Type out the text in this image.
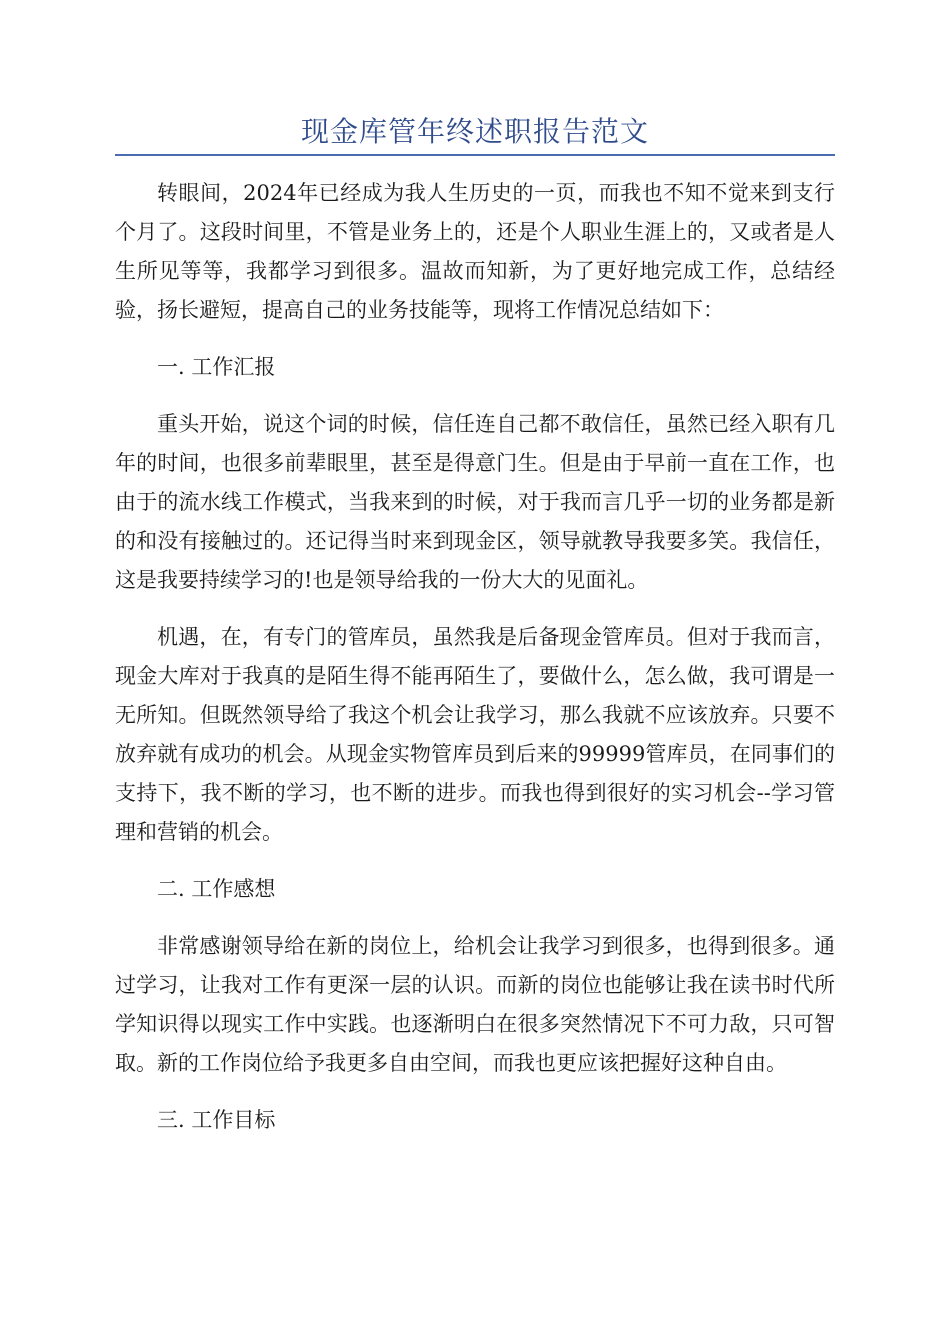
现金库管年终述职报告范文

转眼间，2024年已经成为我人生历史的一页，而我也不知不觉来到支行个月了。这段时间里，不管是业务上的，还是个人职业生涯上的，又或者是人生所见等等，我都学习到很多。温故而知新，为了更好地完成工作，总结经验，扬长避短，提高自己的业务技能等，现将工作情况总结如下：

一. 工作汇报

重头开始，说这个词的时候，信任连自己都不敢信任，虽然已经入职有几年的时间，也很多前辈眼里，甚至是得意门生。但是由于早前一直在工作，也由于的流水线工作模式，当我来到的时候，对于我而言几乎一切的业务都是新的和没有接触过的。还记得当时来到现金区，领导就教导我要多笑。我信任，这是我要持续学习的!也是领导给我的一份大大的见面礼。

机遇，在，有专门的管库员，虽然我是后备现金管库员。但对于我而言，现金大库对于我真的是陌生得不能再陌生了，要做什么，怎么做，我可谓是一无所知。但既然领导给了我这个机会让我学习，那么我就不应该放弃。只要不放弃就有成功的机会。从现金实物管库员到后来的99999管库员，在同事们的支持下，我不断的学习，也不断的进步。而我也得到很好的实习机会--学习管理和营销的机会。

二. 工作感想

非常感谢领导给在新的岗位上，给机会让我学习到很多，也得到很多。通过学习，让我对工作有更深一层的认识。而新的岗位也能够让我在读书时代所学知识得以现实工作中实践。也逐渐明白在很多突然情况下不可力敌，只可智取。新的工作岗位给予我更多自由空间，而我也更应该把握好这种自由。

三. 工作目标
